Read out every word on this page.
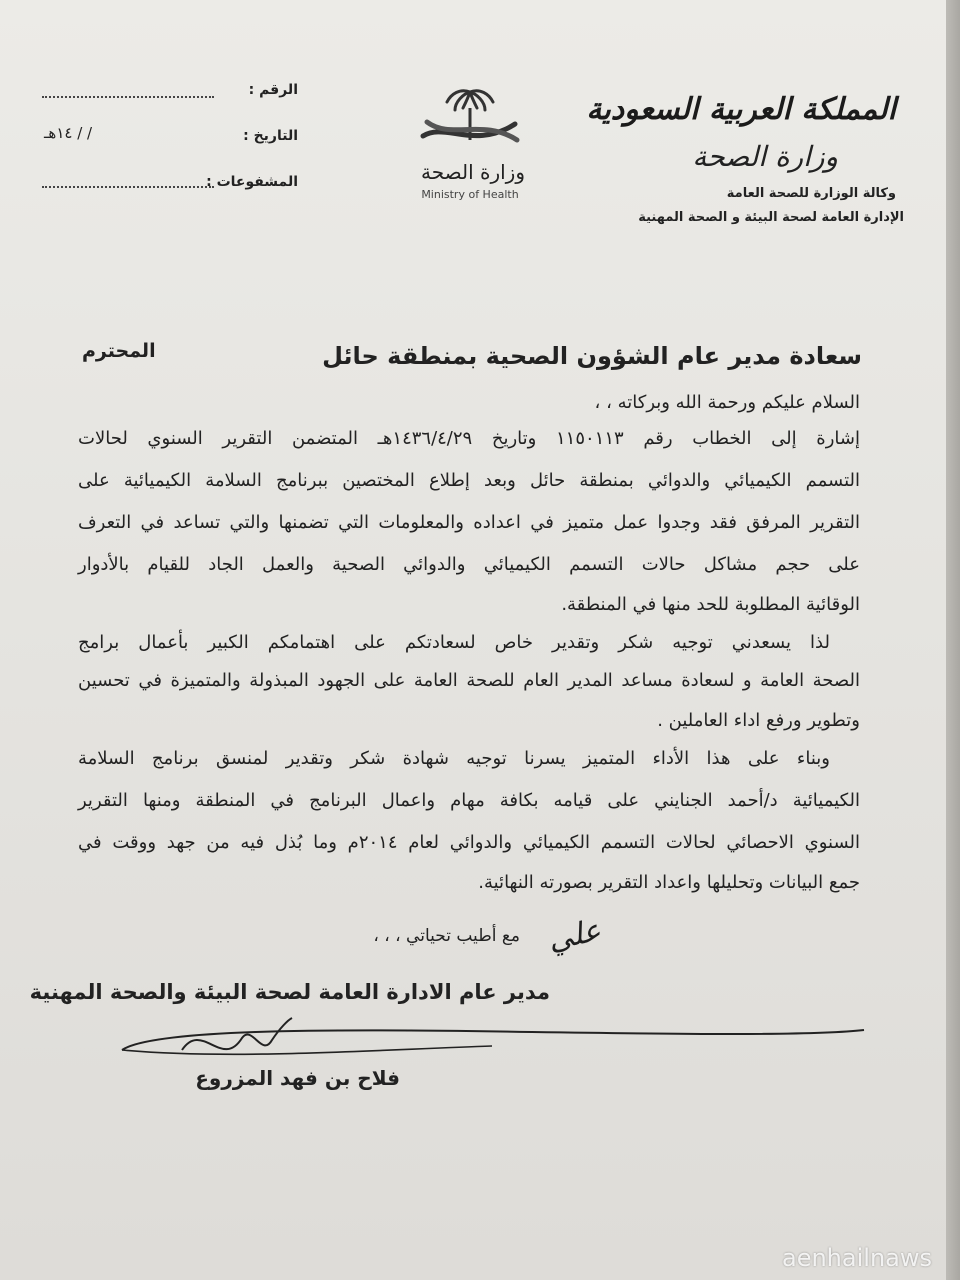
المملكة العربية السعودية
وزارة الصحة
وكالة الوزارة للصحة العامة
الإدارة العامة لصحة البيئة و الصحة المهنية
وزارة الصحة
Ministry of Health
الرقم :
التاريخ :
/ / ١٤هـ
المشفوعات :
سعادة مدير عام الشؤون الصحية بمنطقة حائل
المحترم
السلام عليكم ورحمة الله وبركاته ، ،
إشارة إلى الخطاب رقم ١١٥٠١١٣ وتاريخ ١٤٣٦/٤/٢٩هـ المتضمن التقرير السنوي لحالات
التسمم الكيميائي والدوائي بمنطقة حائل وبعد إطلاع المختصين ببرنامج السلامة الكيميائية على
التقرير المرفق فقد وجدوا عمل متميز في اعداده والمعلومات التي تضمنها والتي تساعد في التعرف
على حجم مشاكل حالات التسمم الكيميائي والدوائي الصحية والعمل الجاد للقيام بالأدوار
الوقائية المطلوبة للحد منها في المنطقة.
لذا يسعدني توجيه شكر وتقدير خاص لسعادتكم على اهتمامكم الكبير بأعمال برامج
الصحة العامة و لسعادة مساعد المدير العام للصحة العامة على الجهود المبذولة والمتميزة في تحسين
وتطوير ورفع اداء العاملين .
وبناء على هذا الأداء المتميز يسرنا توجيه شهادة شكر وتقدير لمنسق برنامج السلامة
الكيميائية د/أحمد الجنايني على قيامه بكافة مهام واعمال البرنامج في المنطقة ومنها التقرير
السنوي الاحصائي لحالات التسمم الكيميائي والدوائي لعام ٢٠١٤م وما بُذل فيه من جهد ووقت في
جمع البيانات وتحليلها واعداد التقرير بصورته النهائية.
مع أطيب تحياتي ، ، ، علي
مدير عام الادارة العامة لصحة البيئة والصحة المهنية
فلاح بن فهد المزروع
aenhailnaws
